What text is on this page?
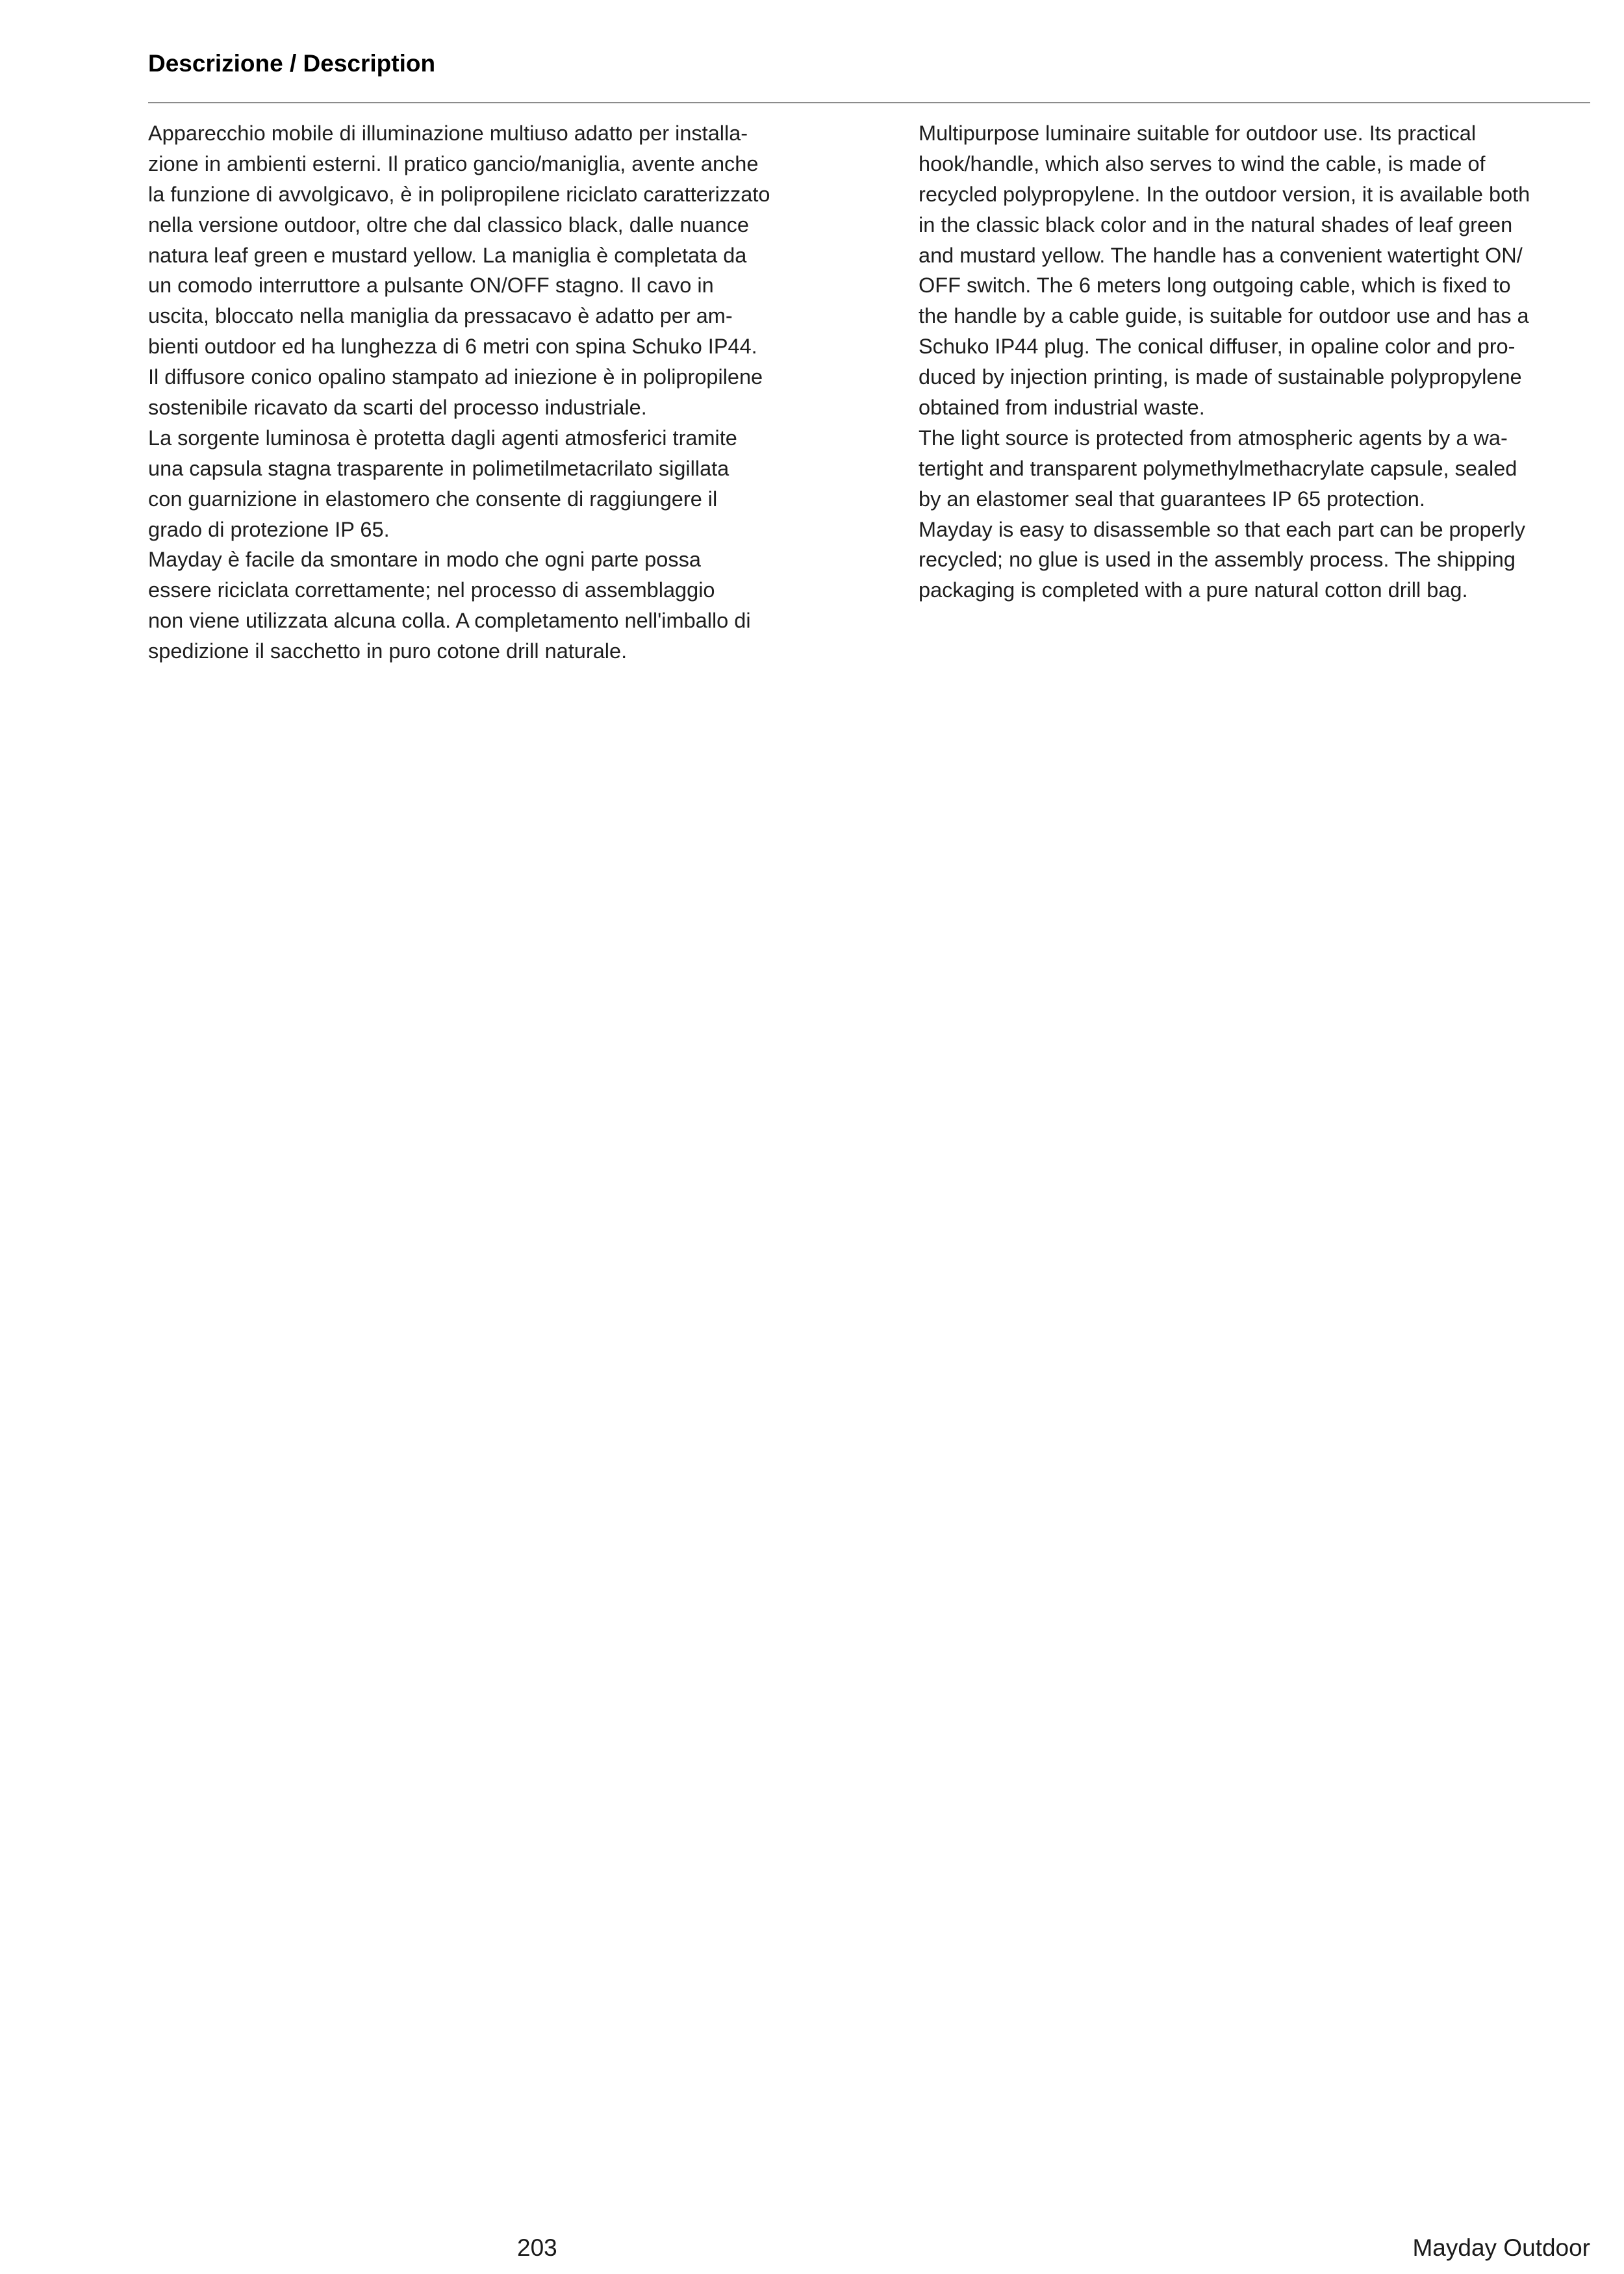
Descrizione / Description
Apparecchio mobile di illuminazione multiuso adatto per installa-
zione in ambienti esterni. Il pratico gancio/maniglia, avente anche
la funzione di avvolgicavo, è in polipropilene riciclato caratterizzato
nella versione outdoor, oltre che dal classico black, dalle nuance
natura leaf green e mustard yellow. La maniglia è completata da
un comodo interruttore a pulsante ON/OFF stagno. Il cavo in
uscita, bloccato nella maniglia da pressacavo è adatto per am-
bienti outdoor ed ha lunghezza di 6 metri con spina Schuko IP44.
Il diffusore conico opalino stampato ad iniezione è in polipropilene
sostenibile ricavato da scarti del processo industriale.
La sorgente luminosa è protetta dagli agenti atmosferici tramite
una capsula stagna trasparente in polimetilmetacrilato sigillata
con guarnizione in elastomero che consente di raggiungere il
grado di protezione IP 65.
Mayday è facile da smontare in modo che ogni parte possa
essere riciclata correttamente; nel processo di assemblaggio
non viene utilizzata alcuna colla. A completamento nell'imballo di
spedizione il sacchetto in puro cotone drill naturale.
Multipurpose luminaire suitable for outdoor use. Its practical
hook/handle, which also serves to wind the cable, is made of
recycled polypropylene. In the outdoor version, it is available both
in the classic black color and in the natural shades of leaf green
and mustard yellow. The handle has a convenient watertight ON/
OFF switch. The 6 meters long outgoing cable, which is fixed to
the handle by a cable guide, is suitable for outdoor use and has a
Schuko IP44 plug. The conical diffuser, in opaline color and pro-
duced by injection printing, is made of sustainable polypropylene
obtained from industrial waste.
The light source is protected from atmospheric agents by a wa-
tertight and transparent polymethylmethacrylate capsule, sealed
by an elastomer seal that guarantees IP 65 protection.
Mayday is easy to disassemble so that each part can be properly
recycled; no glue is used in the assembly process. The shipping
packaging is completed with a pure natural cotton drill bag.
203	Mayday Outdoor
